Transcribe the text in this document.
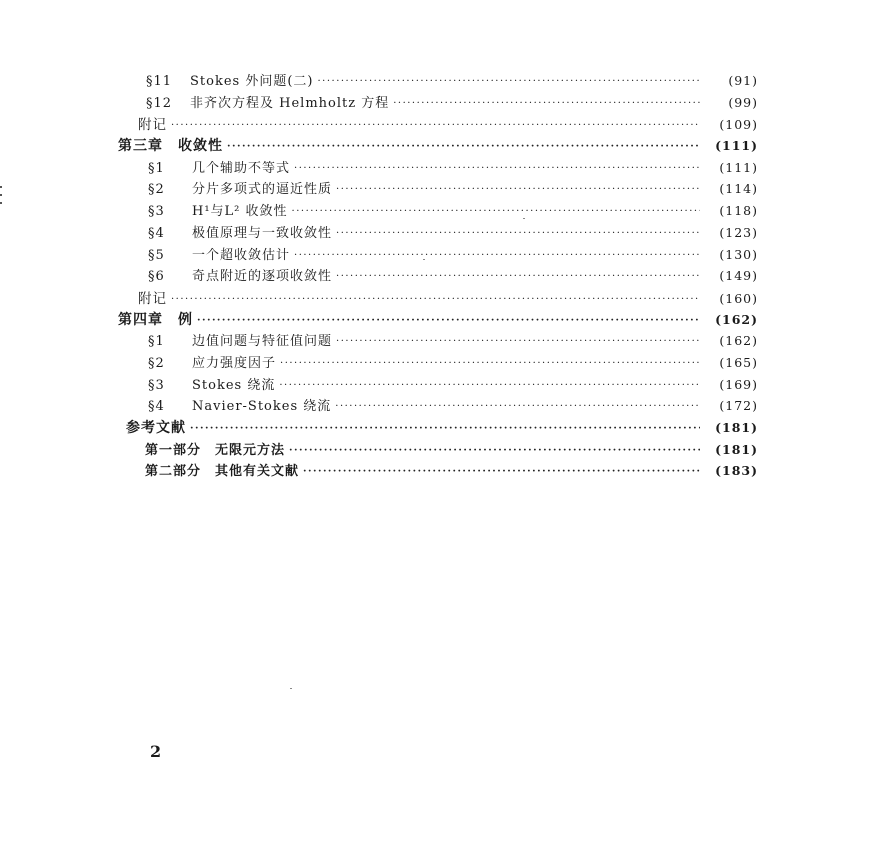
§11	Stokes 外问题(二) ·····	(91)
§12	非齐次方程及 Helmholtz 方程 ·····	(99)
附记 ·····	(109)
第三章　收敛性 ·····	(111)
§1	几个辅助不等式 ·····	(111)
§2	分片多项式的逼近性质 ·····	(114)
§3	H¹与L² 收敛性 ·····	(118)
§4	极值原理与一致收敛性 ·····	(123)
§5	一个超收敛估计 ·····	(130)
§6	奇点附近的逐项收敛性 ·····	(149)
附记 ·····	(160)
第四章　例 ·····	(162)
§1	边值问题与特征值问题 ·····	(162)
§2	应力强度因子 ·····	(165)
§3	Stokes 绕流 ·····	(169)
§4	Navier-Stokes 绕流 ·····	(172)
参考文献 ·····	(181)
第一部分　无限元方法 ·····	(181)
第二部分　其他有关文献 ·····	(183)
2
